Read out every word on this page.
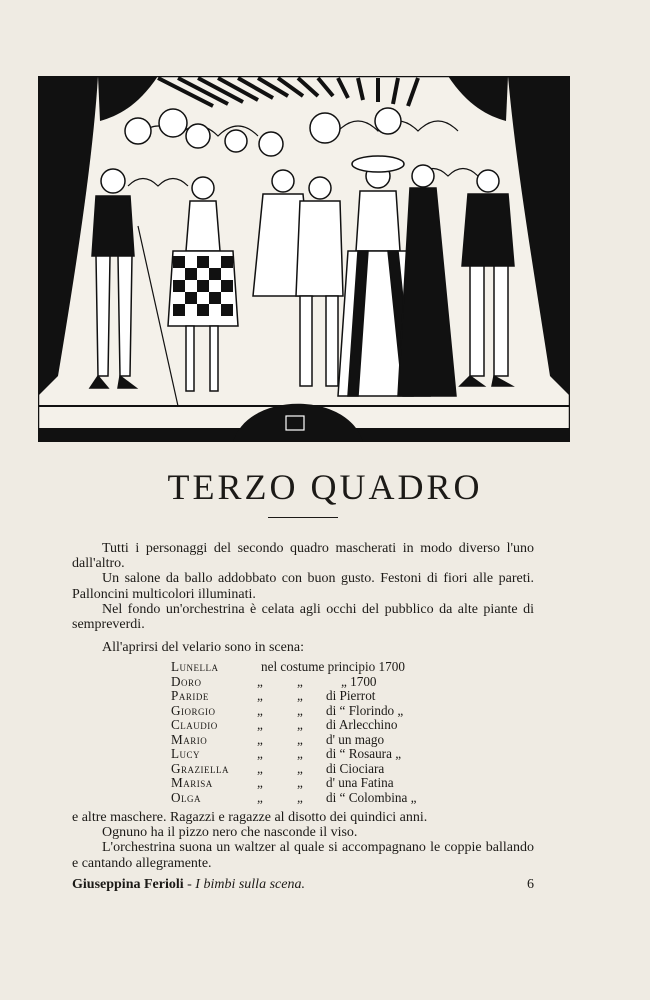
TERZO QUADRO

Tutti i personaggi del secondo quadro mascherati in modo diverso l'uno dall'altro.

Un salone da ballo addobbato con buon gusto. Festoni di fiori alle pareti. Palloncini multicolori illuminati.

Nel fondo un'orchestrina è celata agli occhi del pubblico da alte piante di sempreverdi.

All'aprirsi del velario sono in scena:

Lunella	nel costume principio 1700
Doro	„	„	„ 1700
Paride	„	„ di Pierrot
Giorgio	„	„ di “ Florindo „
Claudio	„	„ di Arlecchino
Mario	„	„ d' un mago
Lucy	„	„ di “ Rosaura „
Graziella „	„ di Ciociara
Marisa	„	„ d' una Fatina
Olga	„	„ di “ Colombina „

e altre maschere. Ragazzi e ragazze al disotto dei quindici anni.

Ognuno ha il pizzo nero che nasconde il viso.

L'orchestrina suona un waltzer al quale si accompagnano le coppie ballando e cantando allegramente.

Giuseppina Ferioli - I bimbi sulla scena.	6
